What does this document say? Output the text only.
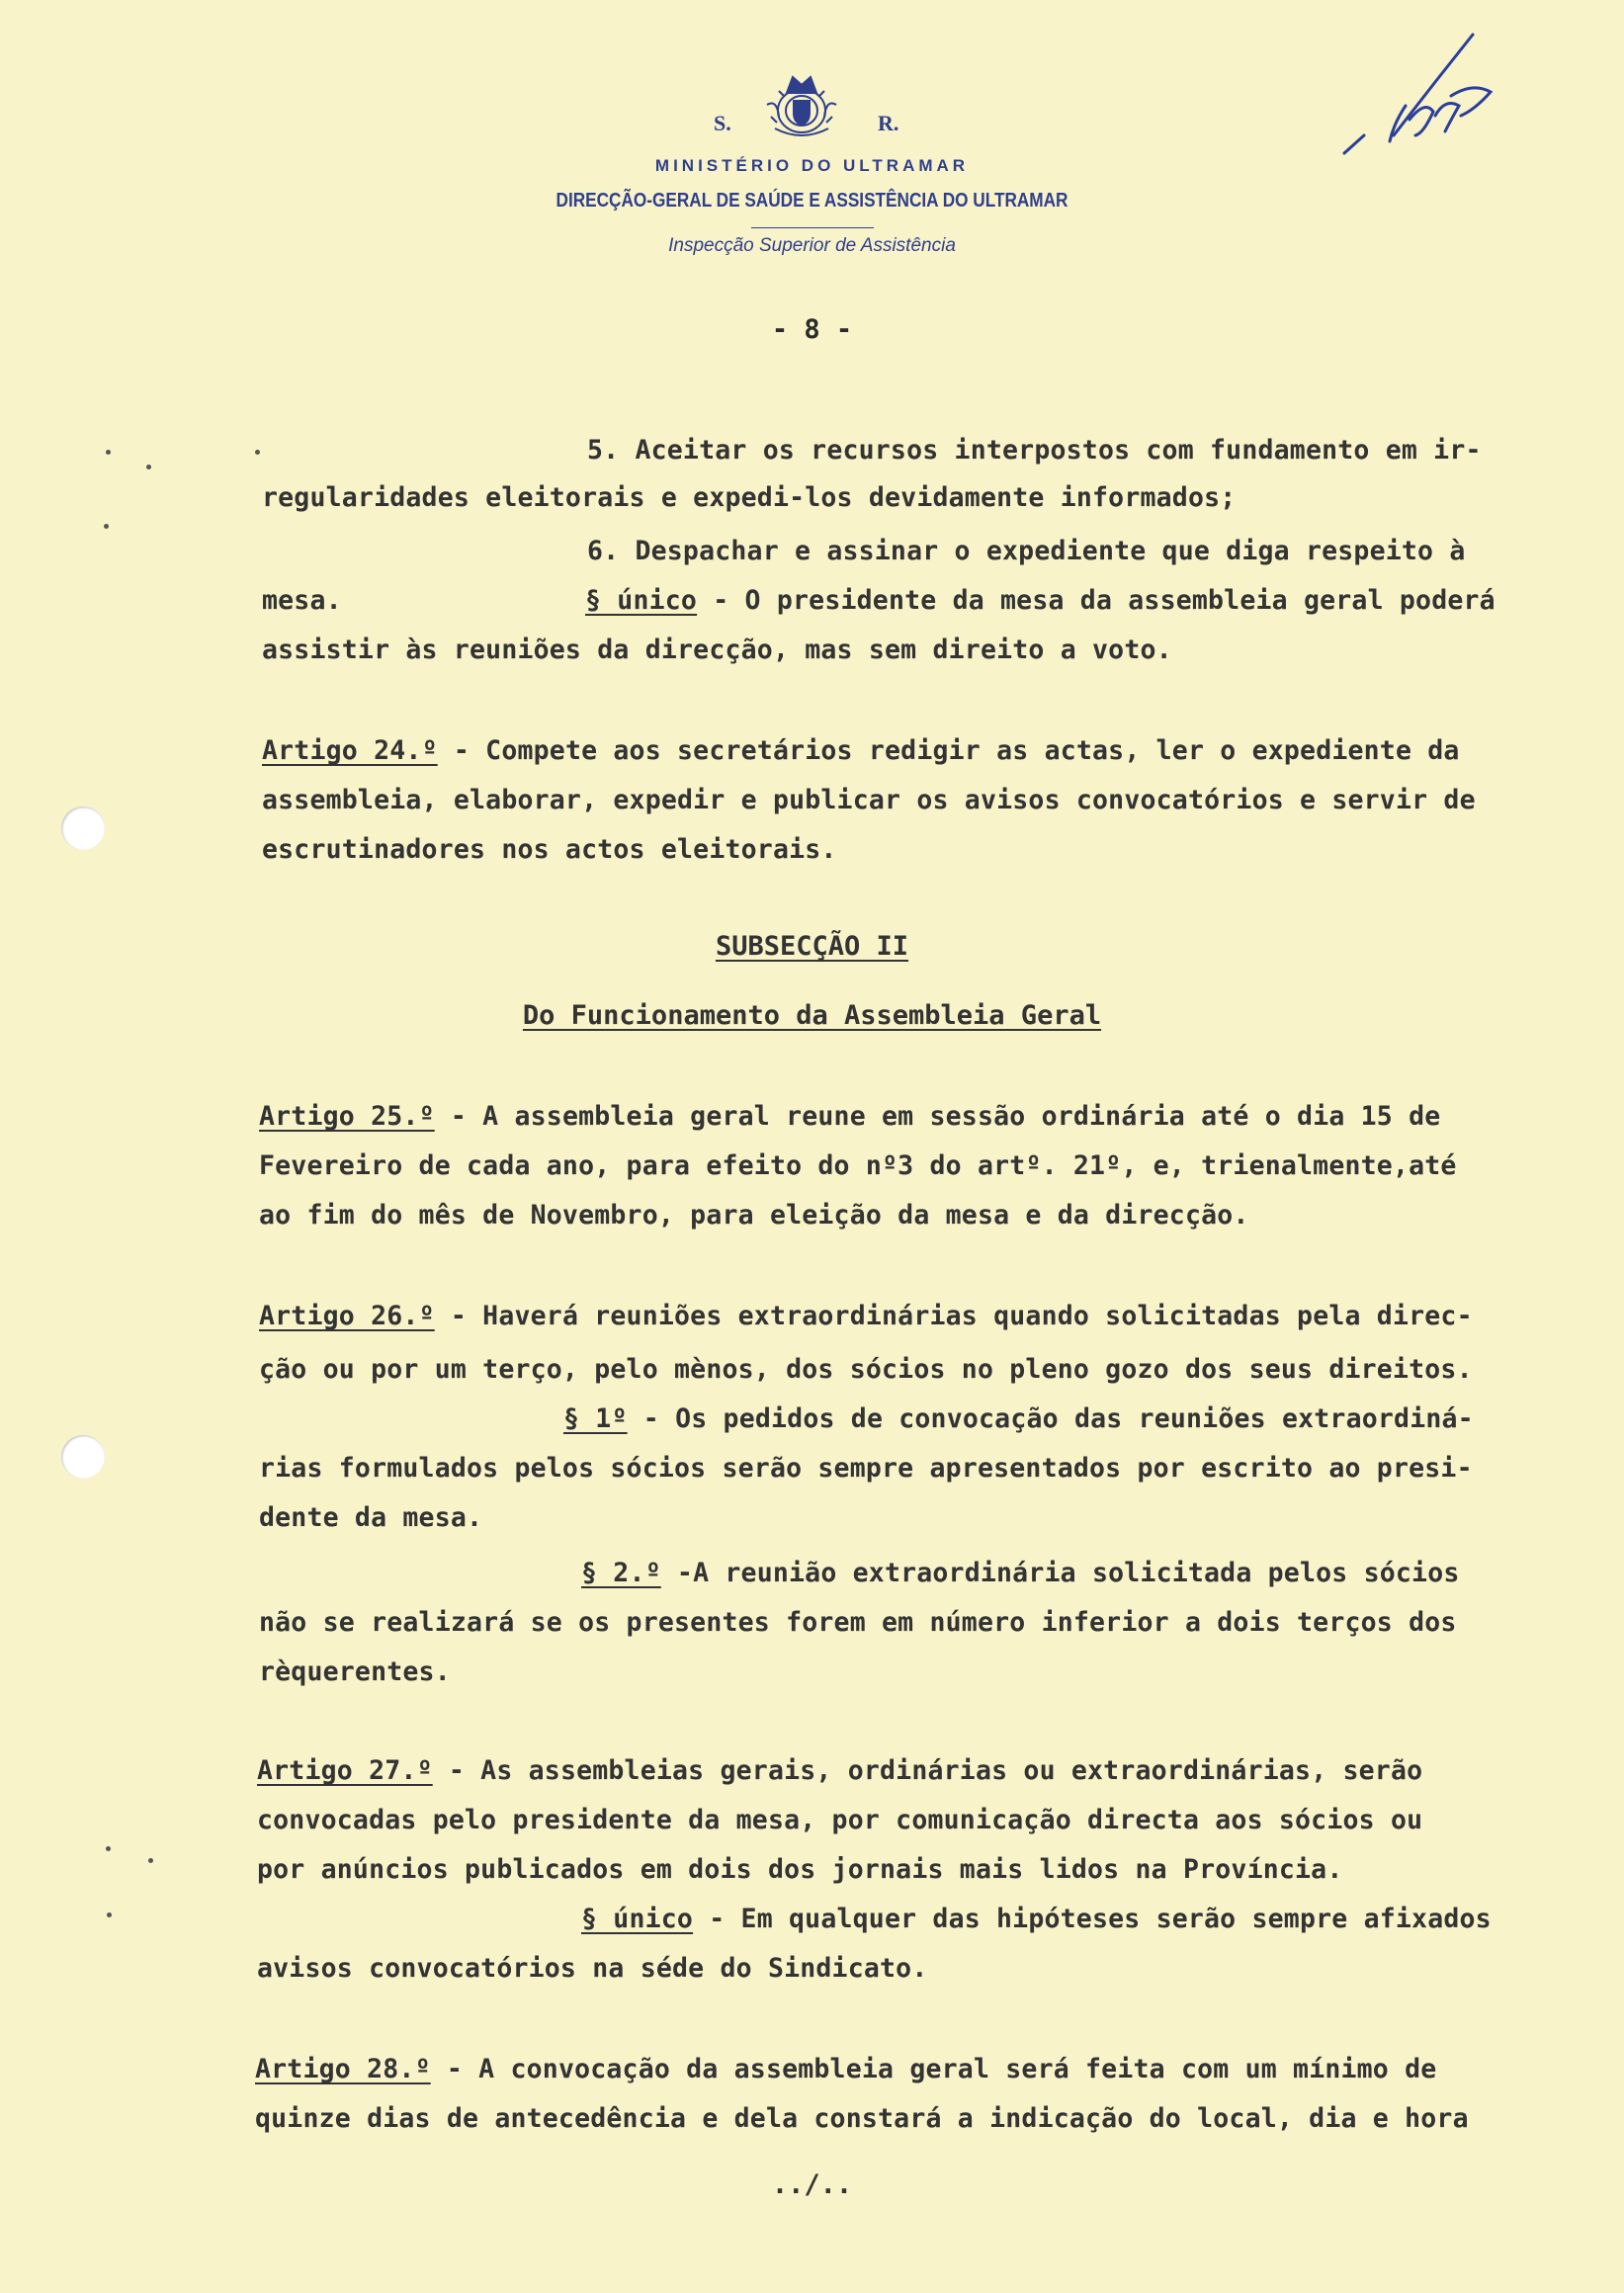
S.	R.
MINISTÉRIO DO ULTRAMAR
DIRECÇÃO-GERAL DE SAÚDE E ASSISTÊNCIA DO ULTRAMAR
Inspecção Superior de Assistência
- 8 -
5. Aceitar os recursos interpostos com fundamento em ir-
regularidades eleitorais e expedi-los devidamente informados;
6. Despachar e assinar o expediente que diga respeito à
mesa.	§ único - O presidente da mesa da assembleia geral poderá
assistir às reuniões da direcção, mas sem direito a voto.
Artigo 24.º - Compete aos secretários redigir as actas, ler o expediente da
assembleia, elaborar, expedir e publicar os avisos convocatórios e servir de
escrutinadores nos actos eleitorais.
SUBSECÇÃO II
Do Funcionamento da Assembleia Geral
Artigo 25.º - A assembleia geral reune em sessão ordinária até o dia 15 de
Fevereiro de cada ano, para efeito do nº3 do artº. 21º, e, trienalmente,até
ao fim do mês de Novembro, para eleição da mesa e da direcção.
Artigo 26.º - Haverá reuniões extraordinárias quando solicitadas pela direc-
ção ou por um terço, pelo mènos, dos sócios no pleno gozo dos seus direitos.
§ 1º - Os pedidos de convocação das reuniões extraordiná-
rias formulados pelos sócios serão sempre apresentados por escrito ao presi-
dente da mesa.
§ 2.º -A reunião extraordinária solicitada pelos sócios
não se realizará se os presentes forem em número inferior a dois terços dos
rèquerentes.
Artigo 27.º - As assembleias gerais, ordinárias ou extraordinárias, serão
convocadas pelo presidente da mesa, por comunicação directa aos sócios ou
por anúncios publicados em dois dos jornais mais lidos na Província.
§ único - Em qualquer das hipóteses serão sempre afixados
avisos convocatórios na séde do Sindicato.
Artigo 28.º - A convocação da assembleia geral será feita com um mínimo de
quinze dias de antecedência e dela constará a indicação do local, dia e hora
../..
